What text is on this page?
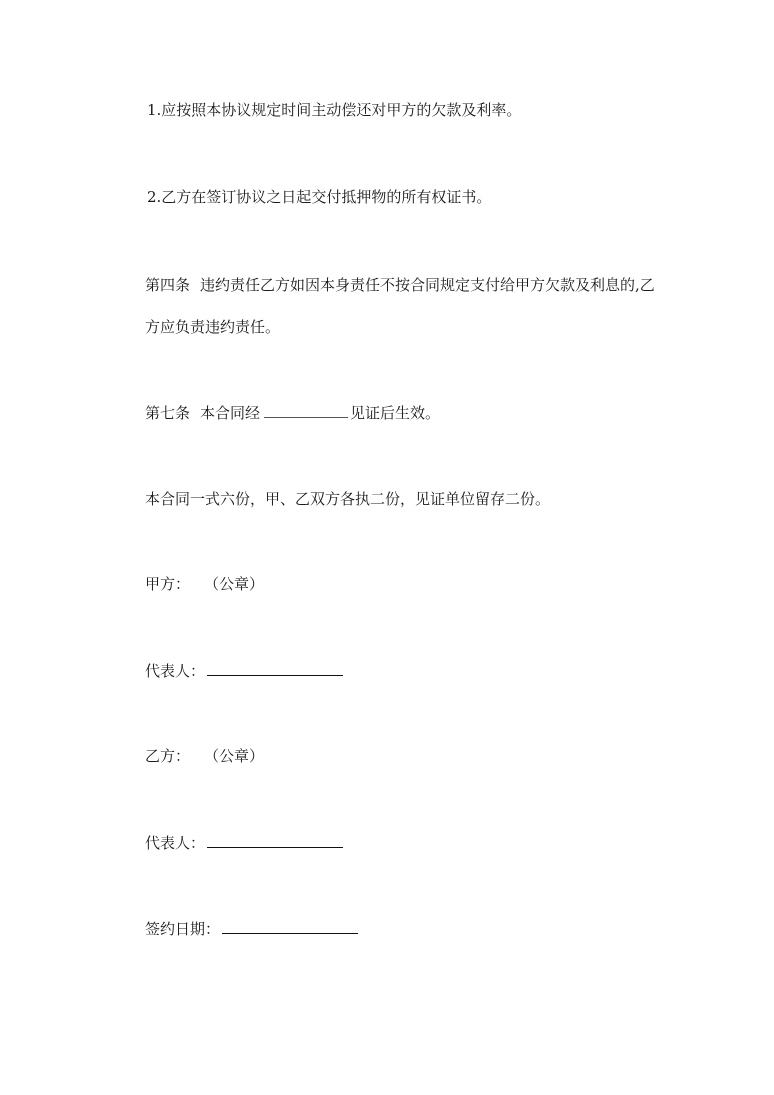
1.应按照本协议规定时间主动偿还对甲方的欠款及利率。
2.乙方在签订协议之日起交付抵押物的所有权证书。
第四条 违约责任乙方如因本身责任不按合同规定支付给甲方欠款及利息的,乙
方应负责违约责任。
第七条 本合同经	见证后生效。
本合同一式六份，甲、乙双方各执二份，见证单位留存二份。
甲方： （公章）
代表人：
乙方： （公章）
代表人：
签约日期：
